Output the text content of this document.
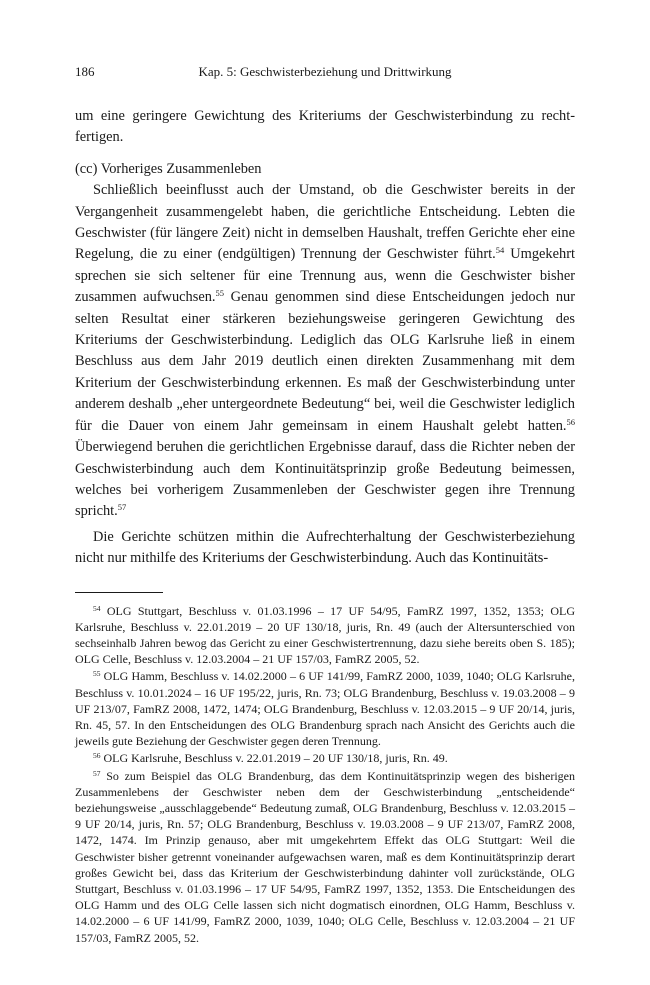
186	Kap. 5: Geschwisterbeziehung und Drittwirkung

um eine geringere Gewichtung des Kriteriums der Geschwisterbindung zu rechtfertigen.

(cc) Vorheriges Zusammenleben

Schließlich beeinflusst auch der Umstand, ob die Geschwister bereits in der Vergangenheit zusammengelebt haben, die gerichtliche Entscheidung. Lebten die Geschwister (für längere Zeit) nicht in demselben Haushalt, treffen Gerichte eher eine Regelung, die zu einer (endgültigen) Trennung der Geschwister führt.$^{54}$ Umgekehrt sprechen sie sich seltener für eine Trennung aus, wenn die Geschwister bisher zusammen aufwuchsen.$^{55}$ Genau genommen sind diese Entscheidungen jedoch nur selten Resultat einer stärkeren beziehungsweise geringeren Gewichtung des Kriteriums der Geschwisterbindung. Lediglich das OLG Karlsruhe ließ in einem Beschluss aus dem Jahr 2019 deutlich einen direkten Zusammenhang mit dem Kriterium der Geschwisterbindung erkennen. Es maß der Geschwisterbindung unter anderem deshalb „eher untergeordnete Bedeutung“ bei, weil die Geschwister lediglich für die Dauer von einem Jahr gemeinsam in einem Haushalt gelebt hatten.$^{56}$ Überwiegend beruhen die gerichtlichen Ergebnisse darauf, dass die Richter neben der Geschwisterbindung auch dem Kontinuitätsprinzip große Bedeutung beimessen, welches bei vorherigem Zusammenleben der Geschwister gegen ihre Trennung spricht.$^{57}$

Die Gerichte schützen mithin die Aufrechterhaltung der Geschwisterbeziehung nicht nur mithilfe des Kriteriums der Geschwisterbindung. Auch das Kontinuitäts-

$^{54}$ OLG Stuttgart, Beschluss v. 01.03.1996 – 17 UF 54/95, FamRZ 1997, 1352, 1353; OLG Karlsruhe, Beschluss v. 22.01.2019 – 20 UF 130/18, juris, Rn. 49 (auch der Altersunterschied von sechseinhalb Jahren bewog das Gericht zu einer Geschwistertrennung, dazu siehe bereits oben S. 185); OLG Celle, Beschluss v. 12.03.2004 – 21 UF 157/03, FamRZ 2005, 52.

$^{55}$ OLG Hamm, Beschluss v. 14.02.2000 – 6 UF 141/99, FamRZ 2000, 1039, 1040; OLG Karlsruhe, Beschluss v. 10.01.2024 – 16 UF 195/22, juris, Rn. 73; OLG Brandenburg, Beschluss v. 19.03.2008 – 9 UF 213/07, FamRZ 2008, 1472, 1474; OLG Brandenburg, Beschluss v. 12.03.2015 – 9 UF 20/14, juris, Rn. 45, 57. In den Entscheidungen des OLG Brandenburg sprach nach Ansicht des Gerichts auch die jeweils gute Beziehung der Geschwister gegen deren Trennung.

$^{56}$ OLG Karlsruhe, Beschluss v. 22.01.2019 – 20 UF 130/18, juris, Rn. 49.

$^{57}$ So zum Beispiel das OLG Brandenburg, das dem Kontinuitätsprinzip wegen des bisherigen Zusammenlebens der Geschwister neben dem der Geschwisterbindung „entscheidende“ beziehungsweise „ausschlaggebende“ Bedeutung zumaß, OLG Brandenburg, Beschluss v. 12.03.2015 – 9 UF 20/14, juris, Rn. 57; OLG Brandenburg, Beschluss v. 19.03.2008 – 9 UF 213/07, FamRZ 2008, 1472, 1474. Im Prinzip genauso, aber mit umgekehrtem Effekt das OLG Stuttgart: Weil die Geschwister bisher getrennt voneinander aufgewachsen waren, maß es dem Kontinuitätsprinzip derart großes Gewicht bei, dass das Kriterium der Geschwisterbindung dahinter voll zurückstände, OLG Stuttgart, Beschluss v. 01.03.1996 – 17 UF 54/95, FamRZ 1997, 1352, 1353. Die Entscheidungen des OLG Hamm und des OLG Celle lassen sich nicht dogmatisch einordnen, OLG Hamm, Beschluss v. 14.02.2000 – 6 UF 141/99, FamRZ 2000, 1039, 1040; OLG Celle, Beschluss v. 12.03.2004 – 21 UF 157/03, FamRZ 2005, 52.
